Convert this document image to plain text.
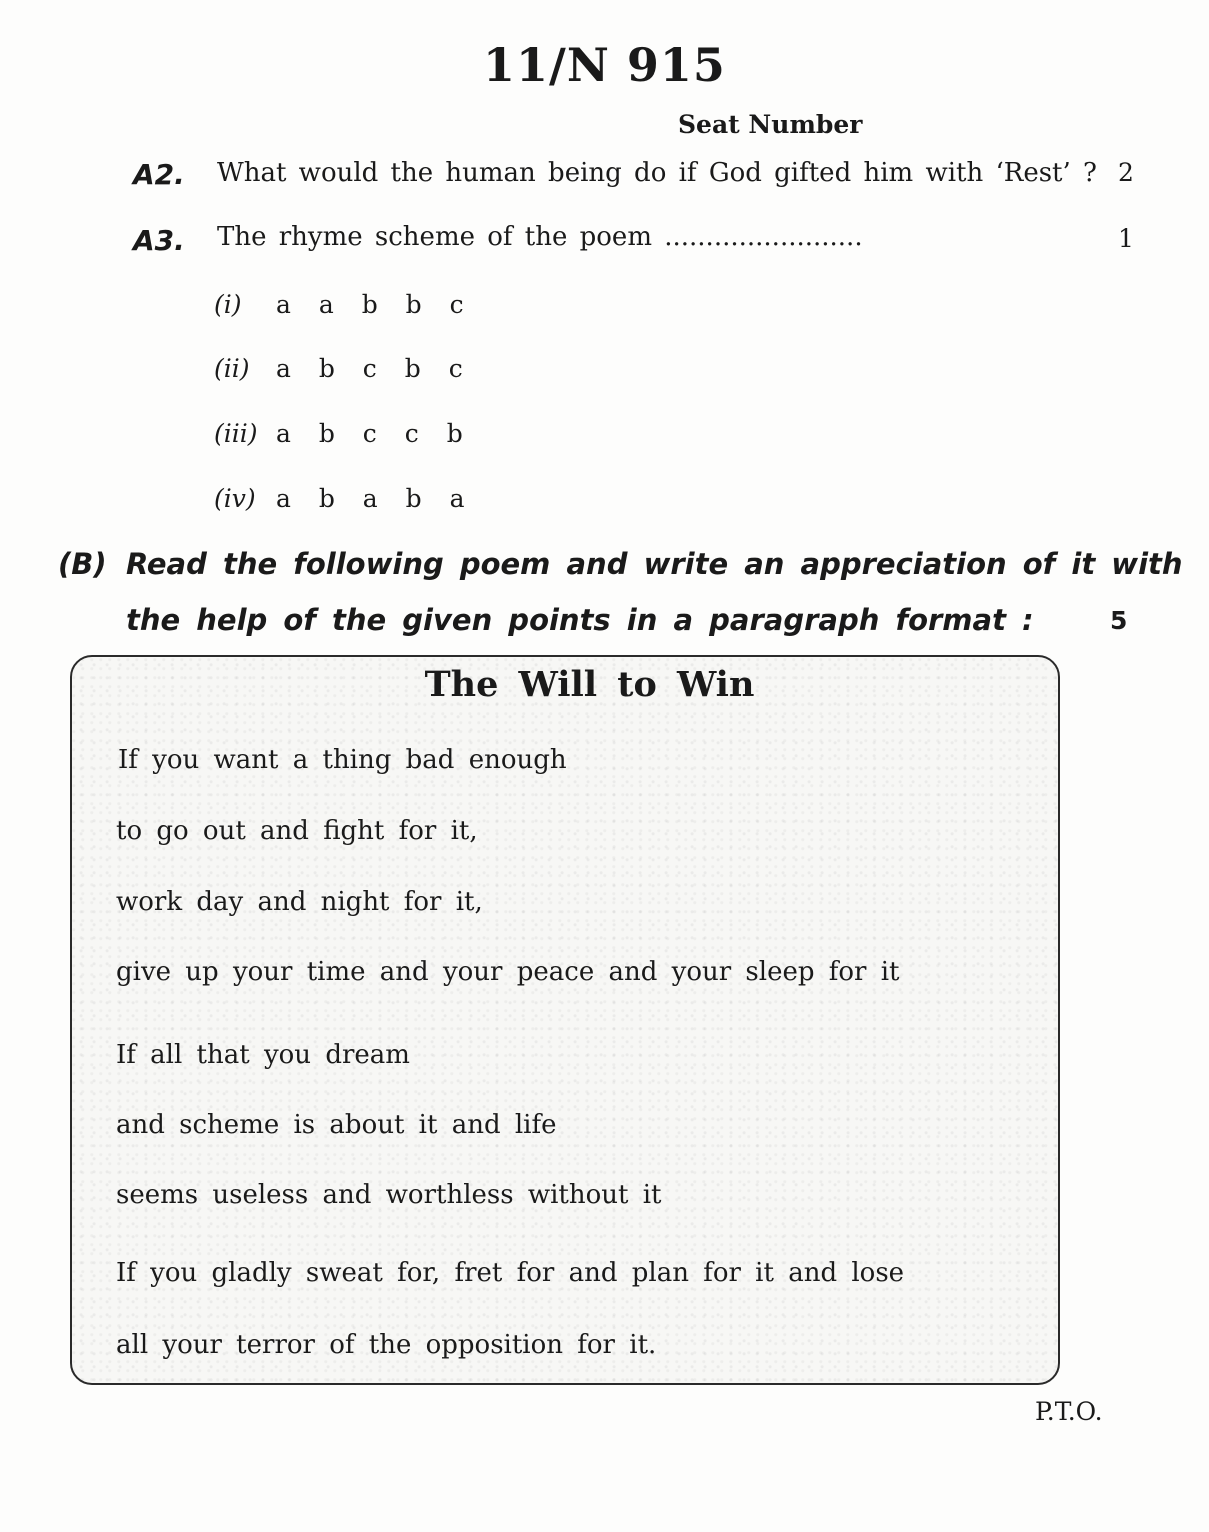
11/N 915
Seat Number
A2. What would the human being do if God gifted him with ‘Rest’ ? 2
A3. The rhyme scheme of the poem ........................	1
(i) a a b b c
(ii) a b c b c
(iii) a b c c b
(iv) a b a b a
(B) Read the following poem and write an appreciation of it with
the help of the given points in a paragraph format :	5
The Will to Win
If you want a thing bad enough
to go out and fight for it,
work day and night for it,
give up your time and your peace and your sleep for it
If all that you dream
and scheme is about it and life
seems useless and worthless without it
If you gladly sweat for, fret for and plan for it and lose
all your terror of the opposition for it.
P.T.O.
